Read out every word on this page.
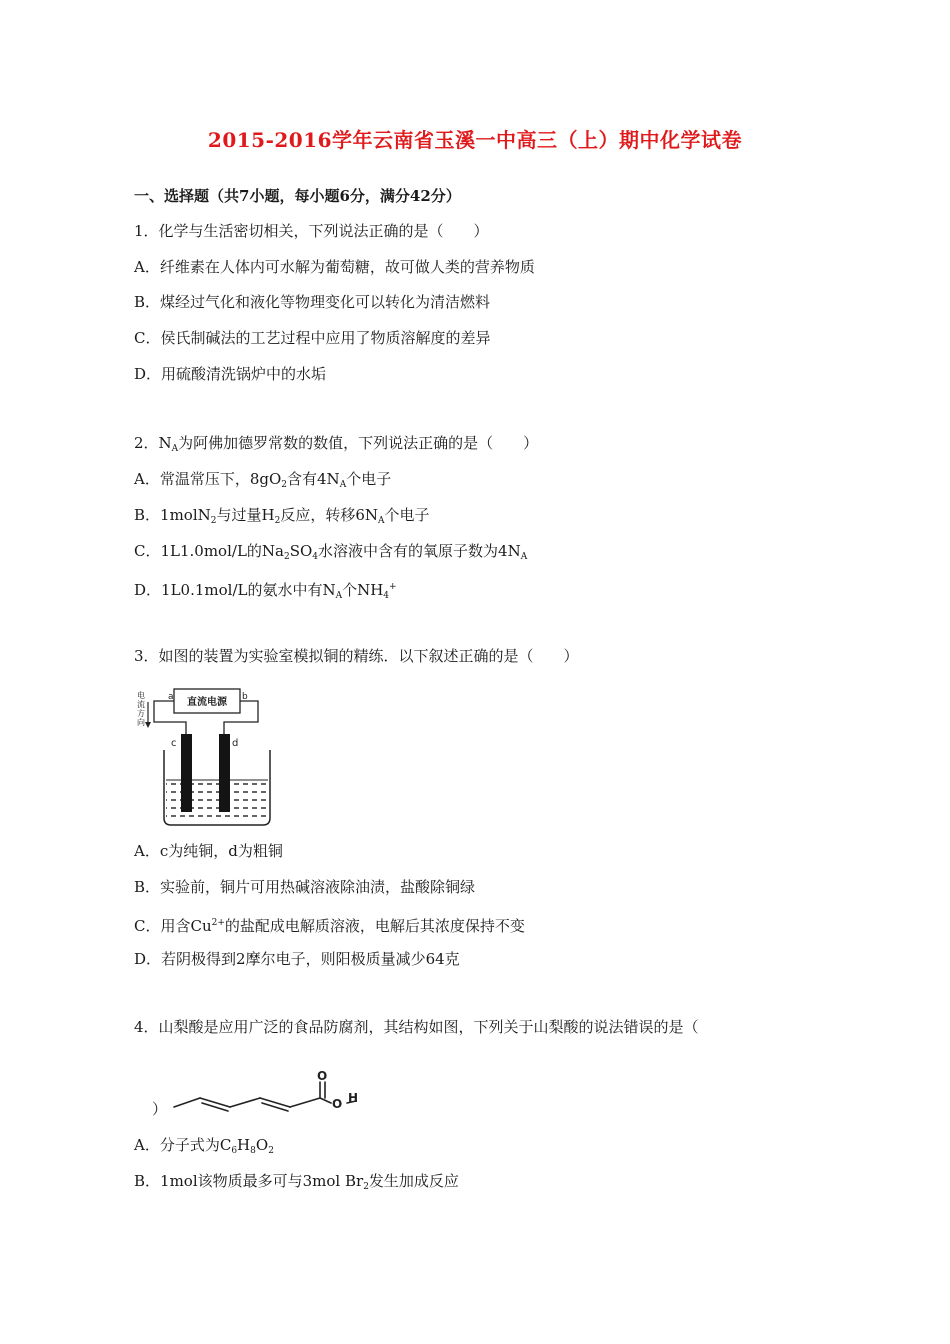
2015-2016学年云南省玉溪一中高三（上）期中化学试卷
一、选择题（共7小题，每小题6分，满分42分）
1．化学与生活密切相关，下列说法正确的是（　　）
A．纤维素在人体内可水解为葡萄糖，故可做人类的营养物质
B．煤经过气化和液化等物理变化可以转化为清洁燃料
C．侯氏制碱法的工艺过程中应用了物质溶解度的差异
D．用硫酸清洗锅炉中的水垢
2．$N_A$为阿佛加德罗常数的数值，下列说法正确的是（　　）
A．常温常压下，$8gO_2$含有$4N_A$个电子
B．1molN$_2$与过量$H_2$反应，转移$6N_A$个电子
C．1L1.0mol/L的$Na_2SO_4$水溶液中含有的氧原子数为$4N_A$
D．1L0.1mol/L的氨水中有$N_A$个$NH_4^+$
3．如图的装置为实验室模拟铜的精练．以下叙述正确的是（　　）
电
流
方
向
直流电源
a	b
c	d
A．c为纯铜，d为粗铜
B．实验前，铜片可用热碱溶液除油渍，盐酸除铜绿
C．用含$Cu^{2+}$的盐配成电解质溶液，电解后其浓度保持不变
D．若阴极得到2摩尔电子，则阳极质量减少64克
4．山梨酸是应用广泛的食品防腐剂，其结构如图，下列关于山梨酸的说法错误的是（
）
O
O H
A．分子式为$C_6H_8O_2$
B．1mol该物质最多可与3mol $Br_2$发生加成反应
